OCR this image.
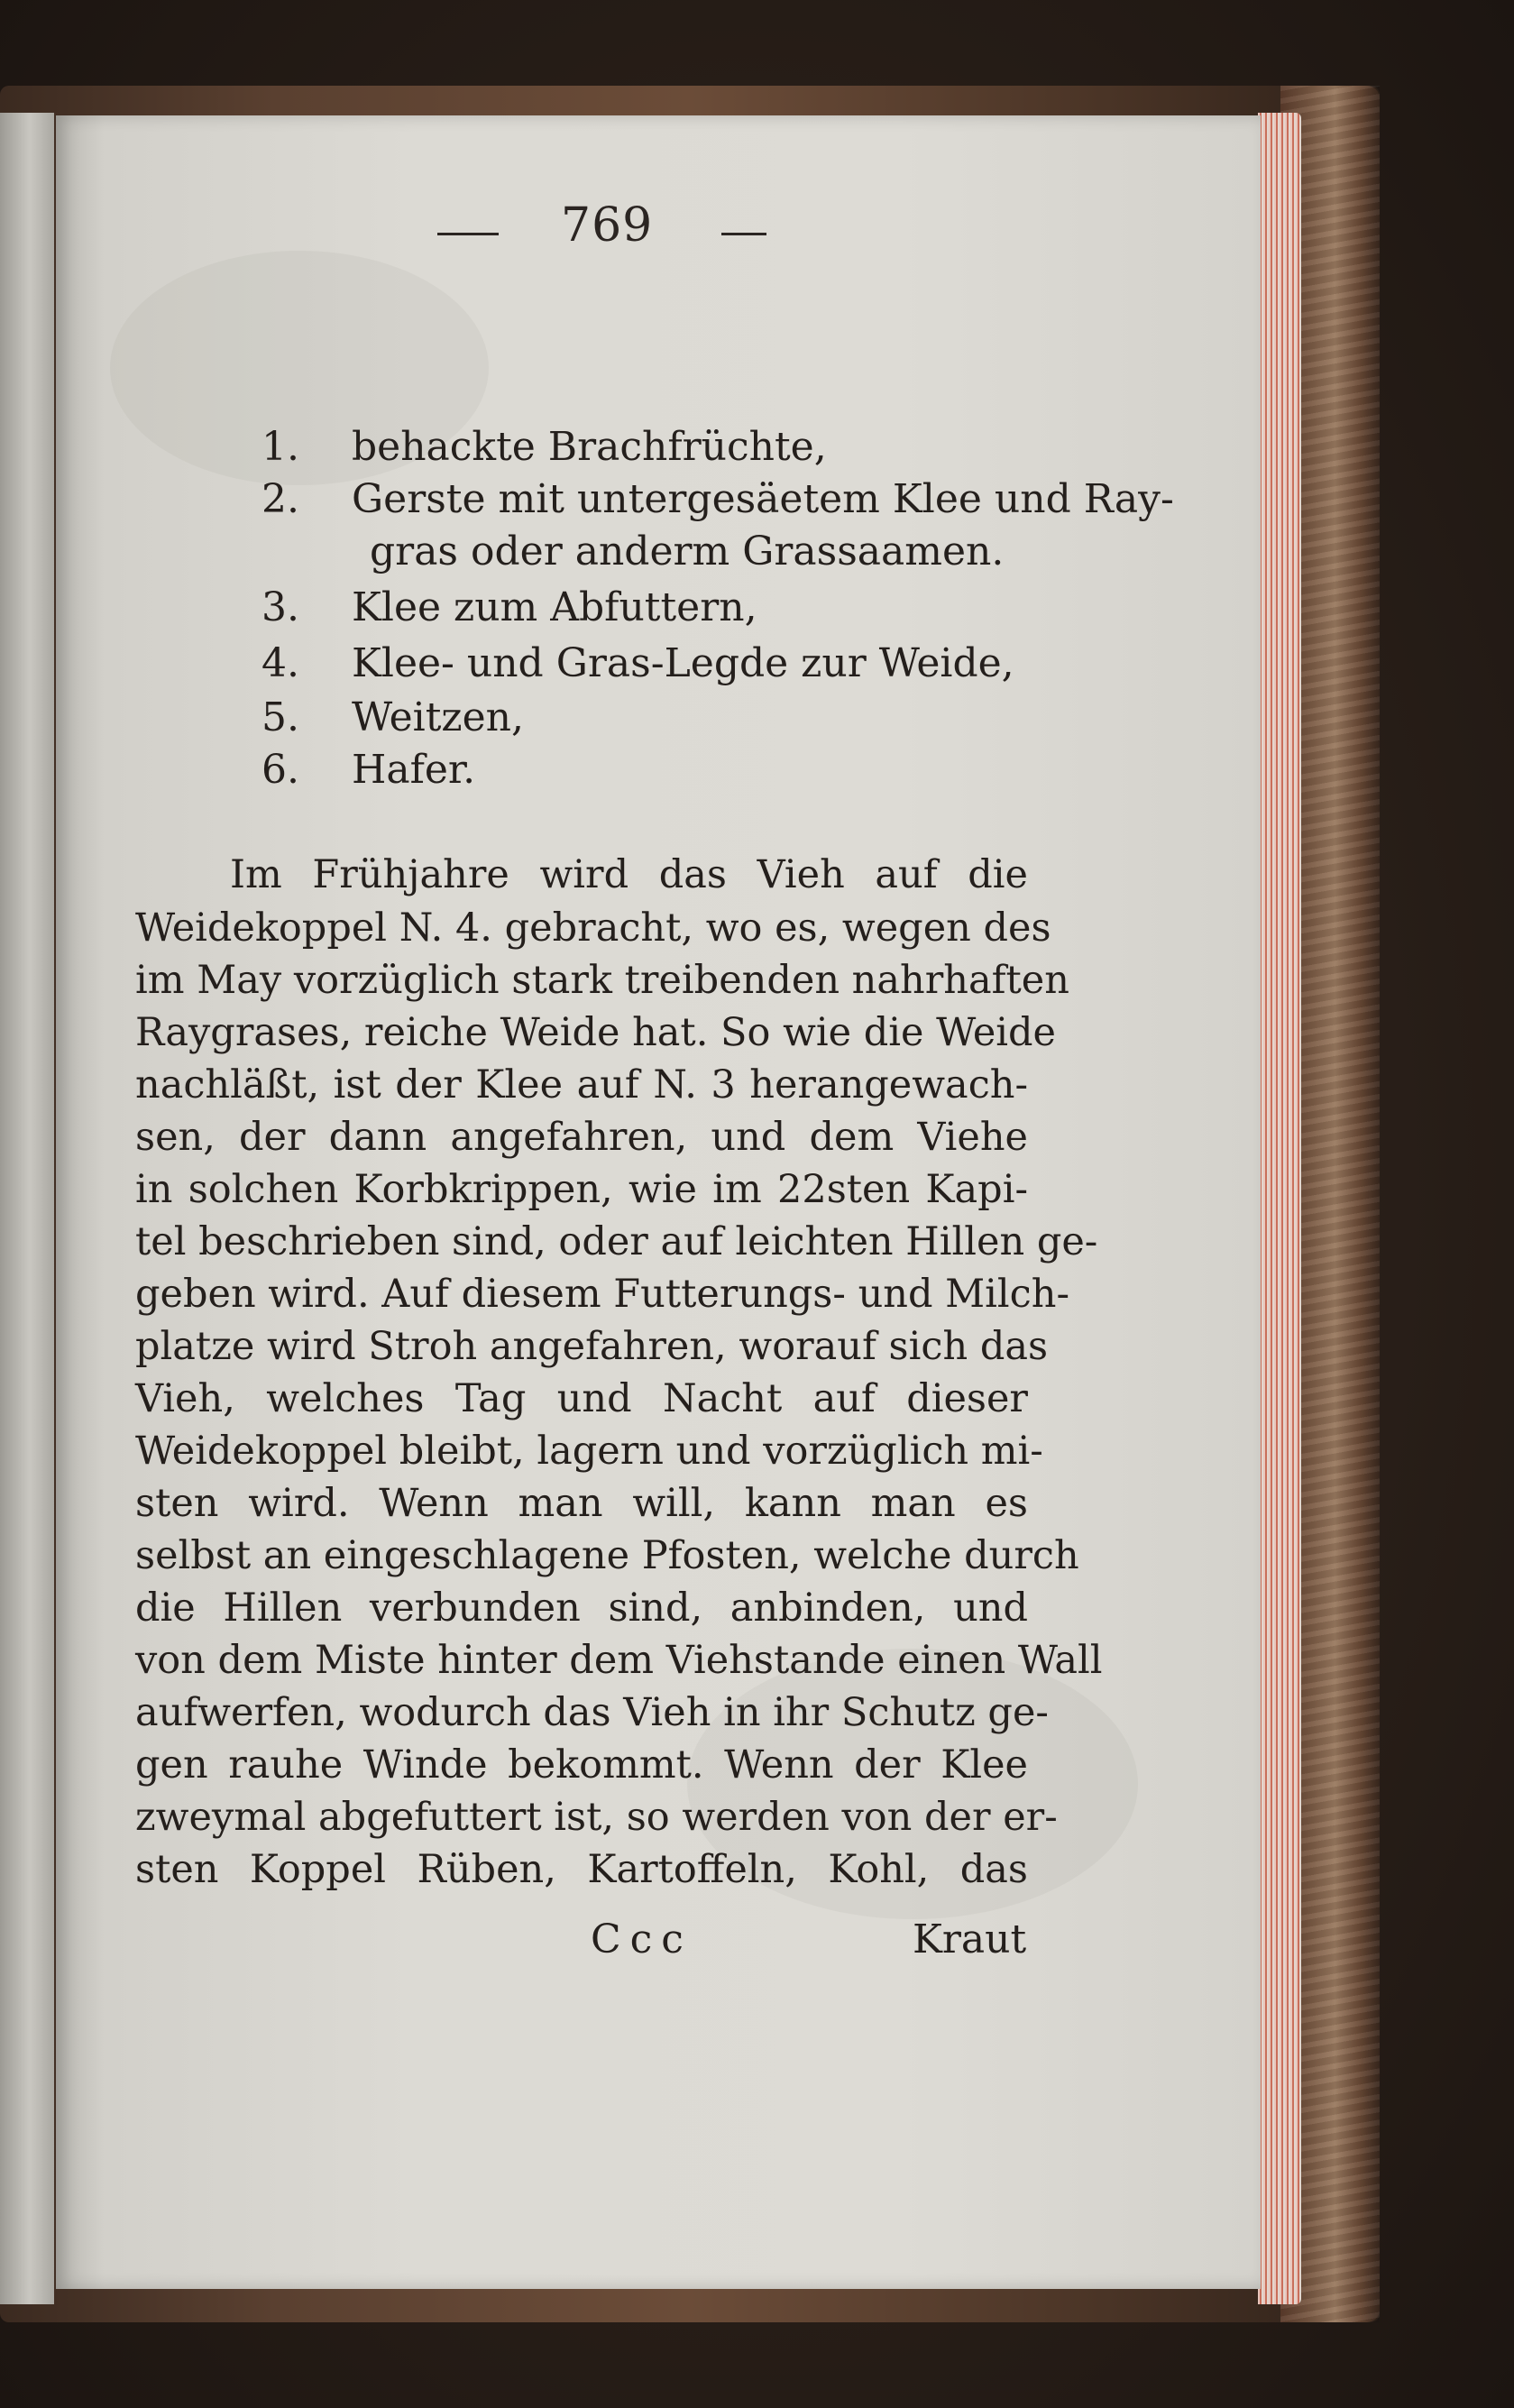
769
1.	behackte Brachfrüchte,
2.	Gerste mit untergesäetem Klee und Ray-
gras oder anderm Grassaamen.
3.	Klee zum Abfuttern,
4.	Klee- und Gras-Legde zur Weide,
5.	Weitzen,
6.	Hafer.
Im Frühjahre wird das Vieh auf die
Weidekoppel N. 4. gebracht, wo es, wegen des
im May vorzüglich stark treibenden nahrhaften
Raygrases, reiche Weide hat. So wie die Weide
nachläßt, ist der Klee auf N. 3 herangewach-
sen, der dann angefahren, und dem Viehe
in solchen Korbkrippen, wie im 22sten Kapi-
tel beschrieben sind, oder auf leichten Hillen ge-
geben wird. Auf diesem Futterungs- und Milch-
platze wird Stroh angefahren, worauf sich das
Vieh, welches Tag und Nacht auf dieser
Weidekoppel bleibt, lagern und vorzüglich mi-
sten wird. Wenn man will, kann man es
selbst an eingeschlagene Pfosten, welche durch
die Hillen verbunden sind, anbinden, und
von dem Miste hinter dem Viehstande einen Wall
aufwerfen, wodurch das Vieh in ihr Schutz ge-
gen rauhe Winde bekommt. Wenn der Klee
zweymal abgefuttert ist, so werden von der er-
sten Koppel Rüben, Kartoffeln, Kohl, das
Ccc	Kraut
